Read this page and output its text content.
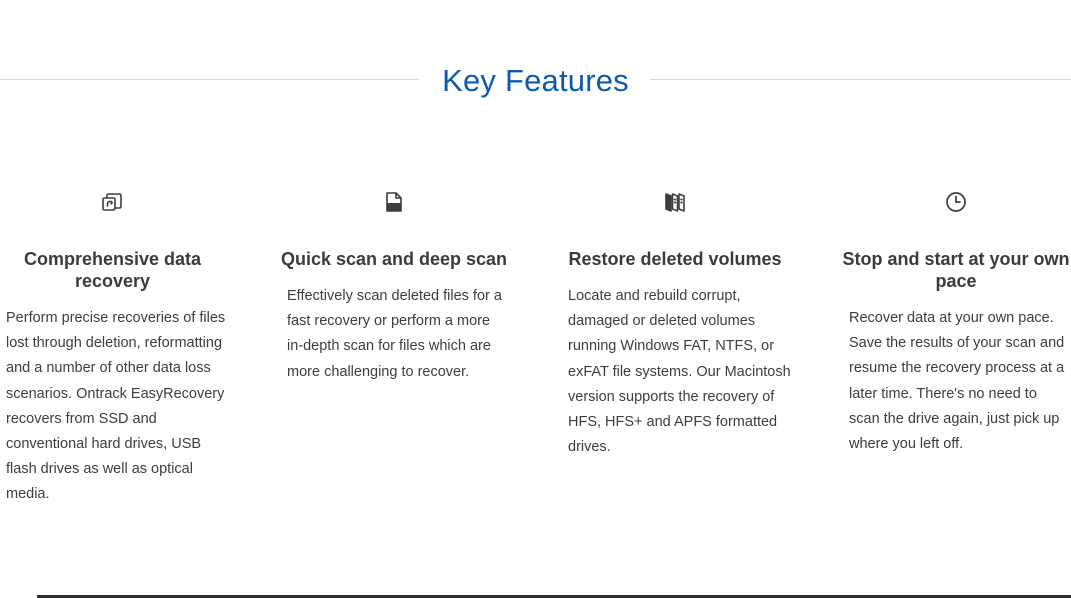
Key Features
Comprehensive data recovery

Perform precise recoveries of files lost through deletion, reformatting and a number of other data loss scenarios. Ontrack EasyRecovery recovers from SSD and conventional hard drives, USB flash drives as well as optical media.

Quick scan and deep scan

Effectively scan deleted files for a fast recovery or perform a more in-depth scan for files which are more challenging to recover.

Restore deleted volumes

Locate and rebuild corrupt, damaged or deleted volumes running Windows FAT, NTFS, or exFAT file systems. Our Macintosh version supports the recovery of HFS, HFS+ and APFS formatted drives.

Stop and start at your own pace

Recover data at your own pace. Save the results of your scan and resume the recovery process at a later time. There's no need to scan the drive again, just pick up where you left off.
